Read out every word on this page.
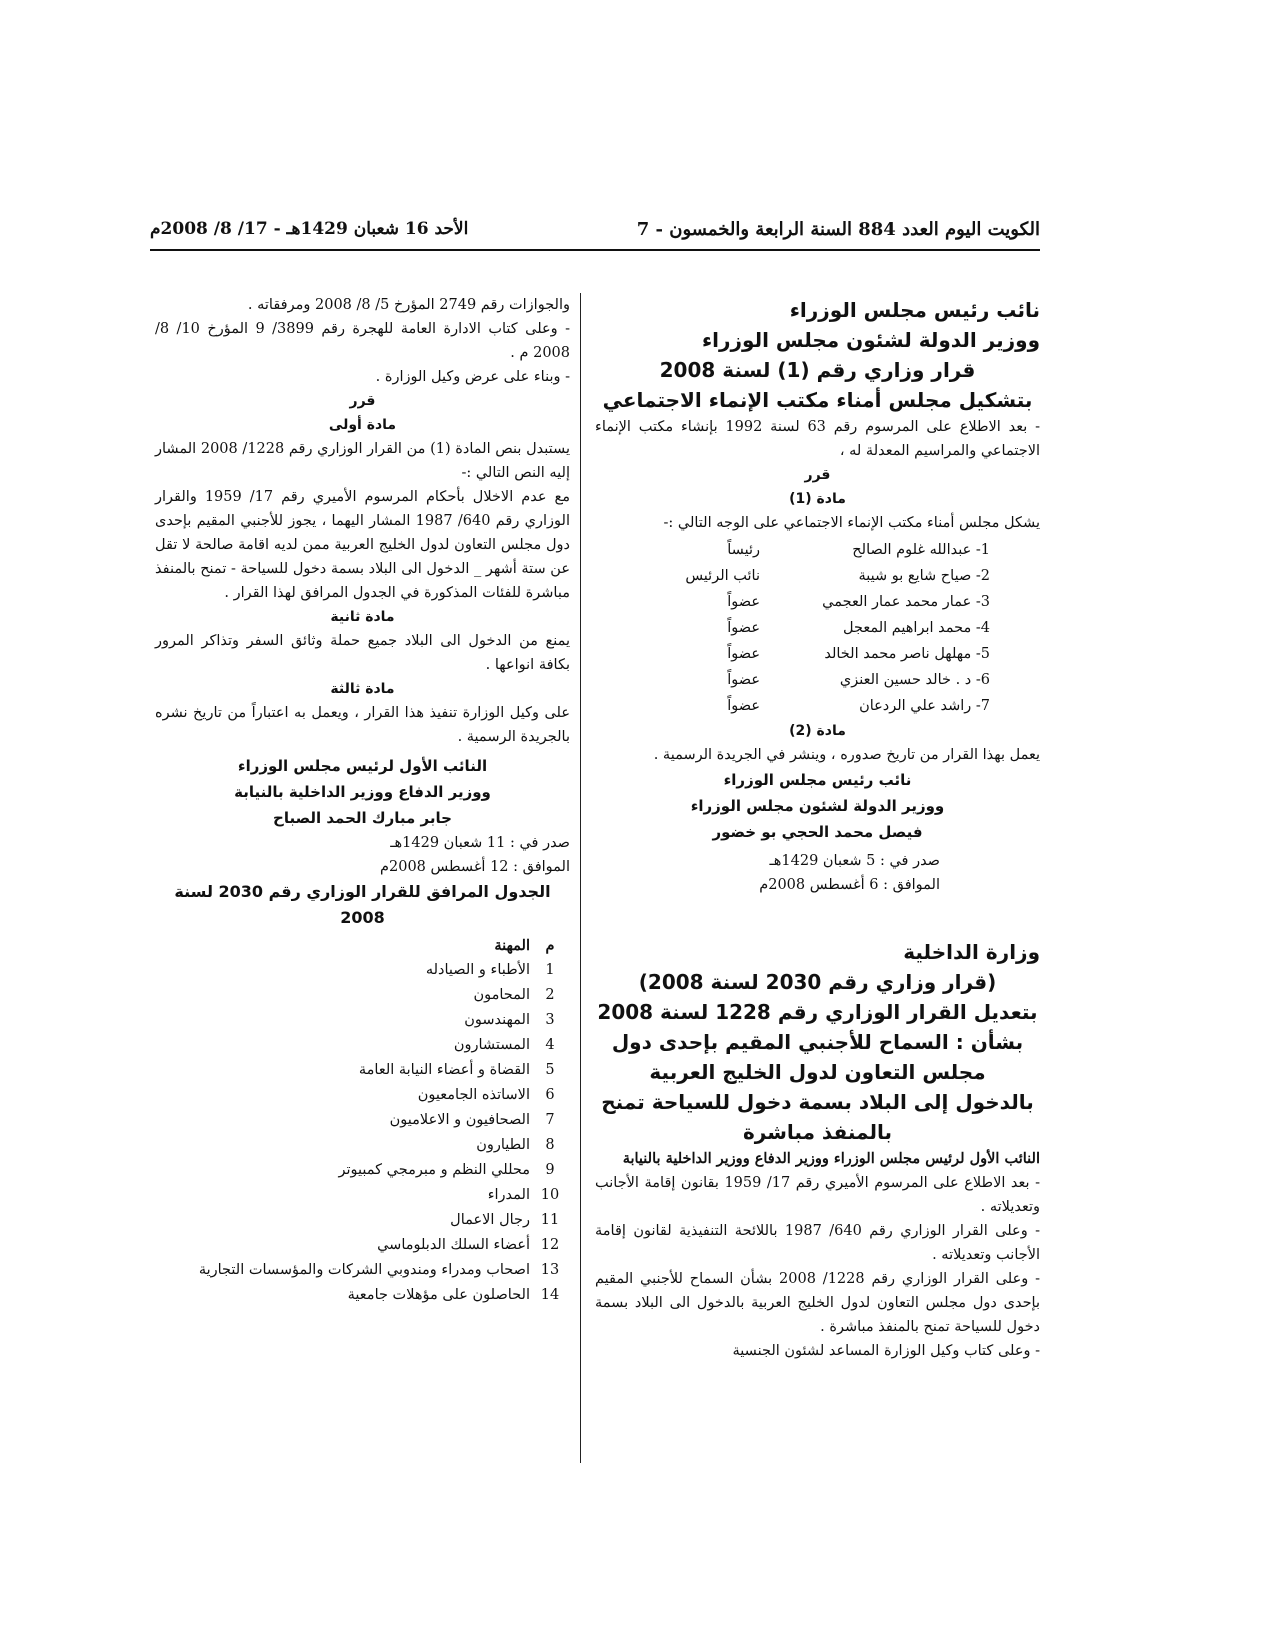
الكويت اليوم العدد 884 السنة الرابعة والخمسون - 7
الأحد 16 شعبان 1429هـ - 17/ 8/ 2008م
نائب رئيس مجلس الوزراء
ووزير الدولة لشئون مجلس الوزراء
قرار وزاري رقم (1) لسنة 2008
بتشكيل مجلس أمناء مكتب الإنماء الاجتماعي
- بعد الاطلاع على المرسوم رقم 63 لسنة 1992 بإنشاء مكتب الإنماء الاجتماعي والمراسيم المعدلة له ،
قرر
مادة (1)
يشكل مجلس أمناء مكتب الإنماء الاجتماعي على الوجه التالي :-
1- عبدالله غلوم الصالح
رئيساً
2- صياح شايع بو شيبة
نائب الرئيس
3- عمار محمد عمار العجمي
عضواً
4- محمد ابراهيم المعجل
عضواً
5- مهلهل ناصر محمد الخالد
عضواً
6- د . خالد حسين العنزي
عضواً
7- راشد علي الردعان
عضواً
مادة (2)
يعمل بهذا القرار من تاريخ صدوره ، وينشر في الجريدة الرسمية .
نائب رئيس مجلس الوزراء
ووزير الدولة لشئون مجلس الوزراء
فيصل محمد الحجي بو خضور
صدر في : 5 شعبان 1429هـ
الموافق : 6 أغسطس 2008م
وزارة الداخلية
(قرار وزاري رقم 2030 لسنة 2008)
بتعديل القرار الوزاري رقم 1228 لسنة 2008
بشأن : السماح للأجنبي المقيم بإحدى دول
مجلس التعاون لدول الخليج العربية
بالدخول إلى البلاد بسمة دخول للسياحة تمنح
بالمنفذ مباشرة
النائب الأول لرئيس مجلس الوزراء ووزير الدفاع ووزير الداخلية بالنيابة
- بعد الاطلاع على المرسوم الأميري رقم 17/ 1959 بقانون إقامة الأجانب وتعديلاته .
- وعلى القرار الوزاري رقم 640/ 1987 باللائحة التنفيذية لقانون إقامة الأجانب وتعديلاته .
- وعلى القرار الوزاري رقم 1228/ 2008 بشأن السماح للأجنبي المقيم بإحدى دول مجلس التعاون لدول الخليج العربية بالدخول الى البلاد بسمة دخول للسياحة تمنح بالمنفذ مباشرة .
- وعلى كتاب وكيل الوزارة المساعد لشئون الجنسية
والجوازات رقم 2749 المؤرخ 5/ 8/ 2008 ومرفقاته .
- وعلى كتاب الادارة العامة للهجرة رقم 3899/ 9 المؤرخ 10/ 8/ 2008 م .
- وبناء على عرض وكيل الوزارة .
قرر
مادة أولى
يستبدل بنص المادة (1) من القرار الوزاري رقم 1228/ 2008 المشار إليه النص التالي :-
مع عدم الاخلال بأحكام المرسوم الأميري رقم 17/ 1959 والقرار الوزاري رقم 640/ 1987 المشار اليهما ، يجوز للأجنبي المقيم بإحدى دول مجلس التعاون لدول الخليج العربية ممن لديه اقامة صالحة لا تقل عن ستة أشهر _ الدخول الى البلاد بسمة دخول للسياحة - تمنح بالمنفذ مباشرة للفئات المذكورة في الجدول المرافق لهذا القرار .
مادة ثانية
يمنع من الدخول الى البلاد جميع حملة وثائق السفر وتذاكر المرور بكافة انواعها .
مادة ثالثة
على وكيل الوزارة تنفيذ هذا القرار ، ويعمل به اعتباراً من تاريخ نشره بالجريدة الرسمية .
النائب الأول لرئيس مجلس الوزراء
ووزير الدفاع ووزير الداخلية بالنيابة
جابر مبارك الحمد الصباح
صدر في : 11 شعبان 1429هـ
الموافق : 12 أغسطس 2008م
الجدول المرافق للقرار الوزاري رقم 2030 لسنة 2008
م
المهنة
1
الأطباء و الصيادله
2
المحامون
3
المهندسون
4
المستشارون
5
القضاة و أعضاء النيابة العامة
6
الاساتذه الجامعيون
7
الصحافيون و الاعلاميون
8
الطيارون
9
محللي النظم و مبرمجي كمبيوتر
10
المدراء
11
رجال الاعمال
12
أعضاء السلك الدبلوماسي
13
اصحاب ومدراء ومندوبي الشركات والمؤسسات التجارية
14
الحاصلون على مؤهلات جامعية
